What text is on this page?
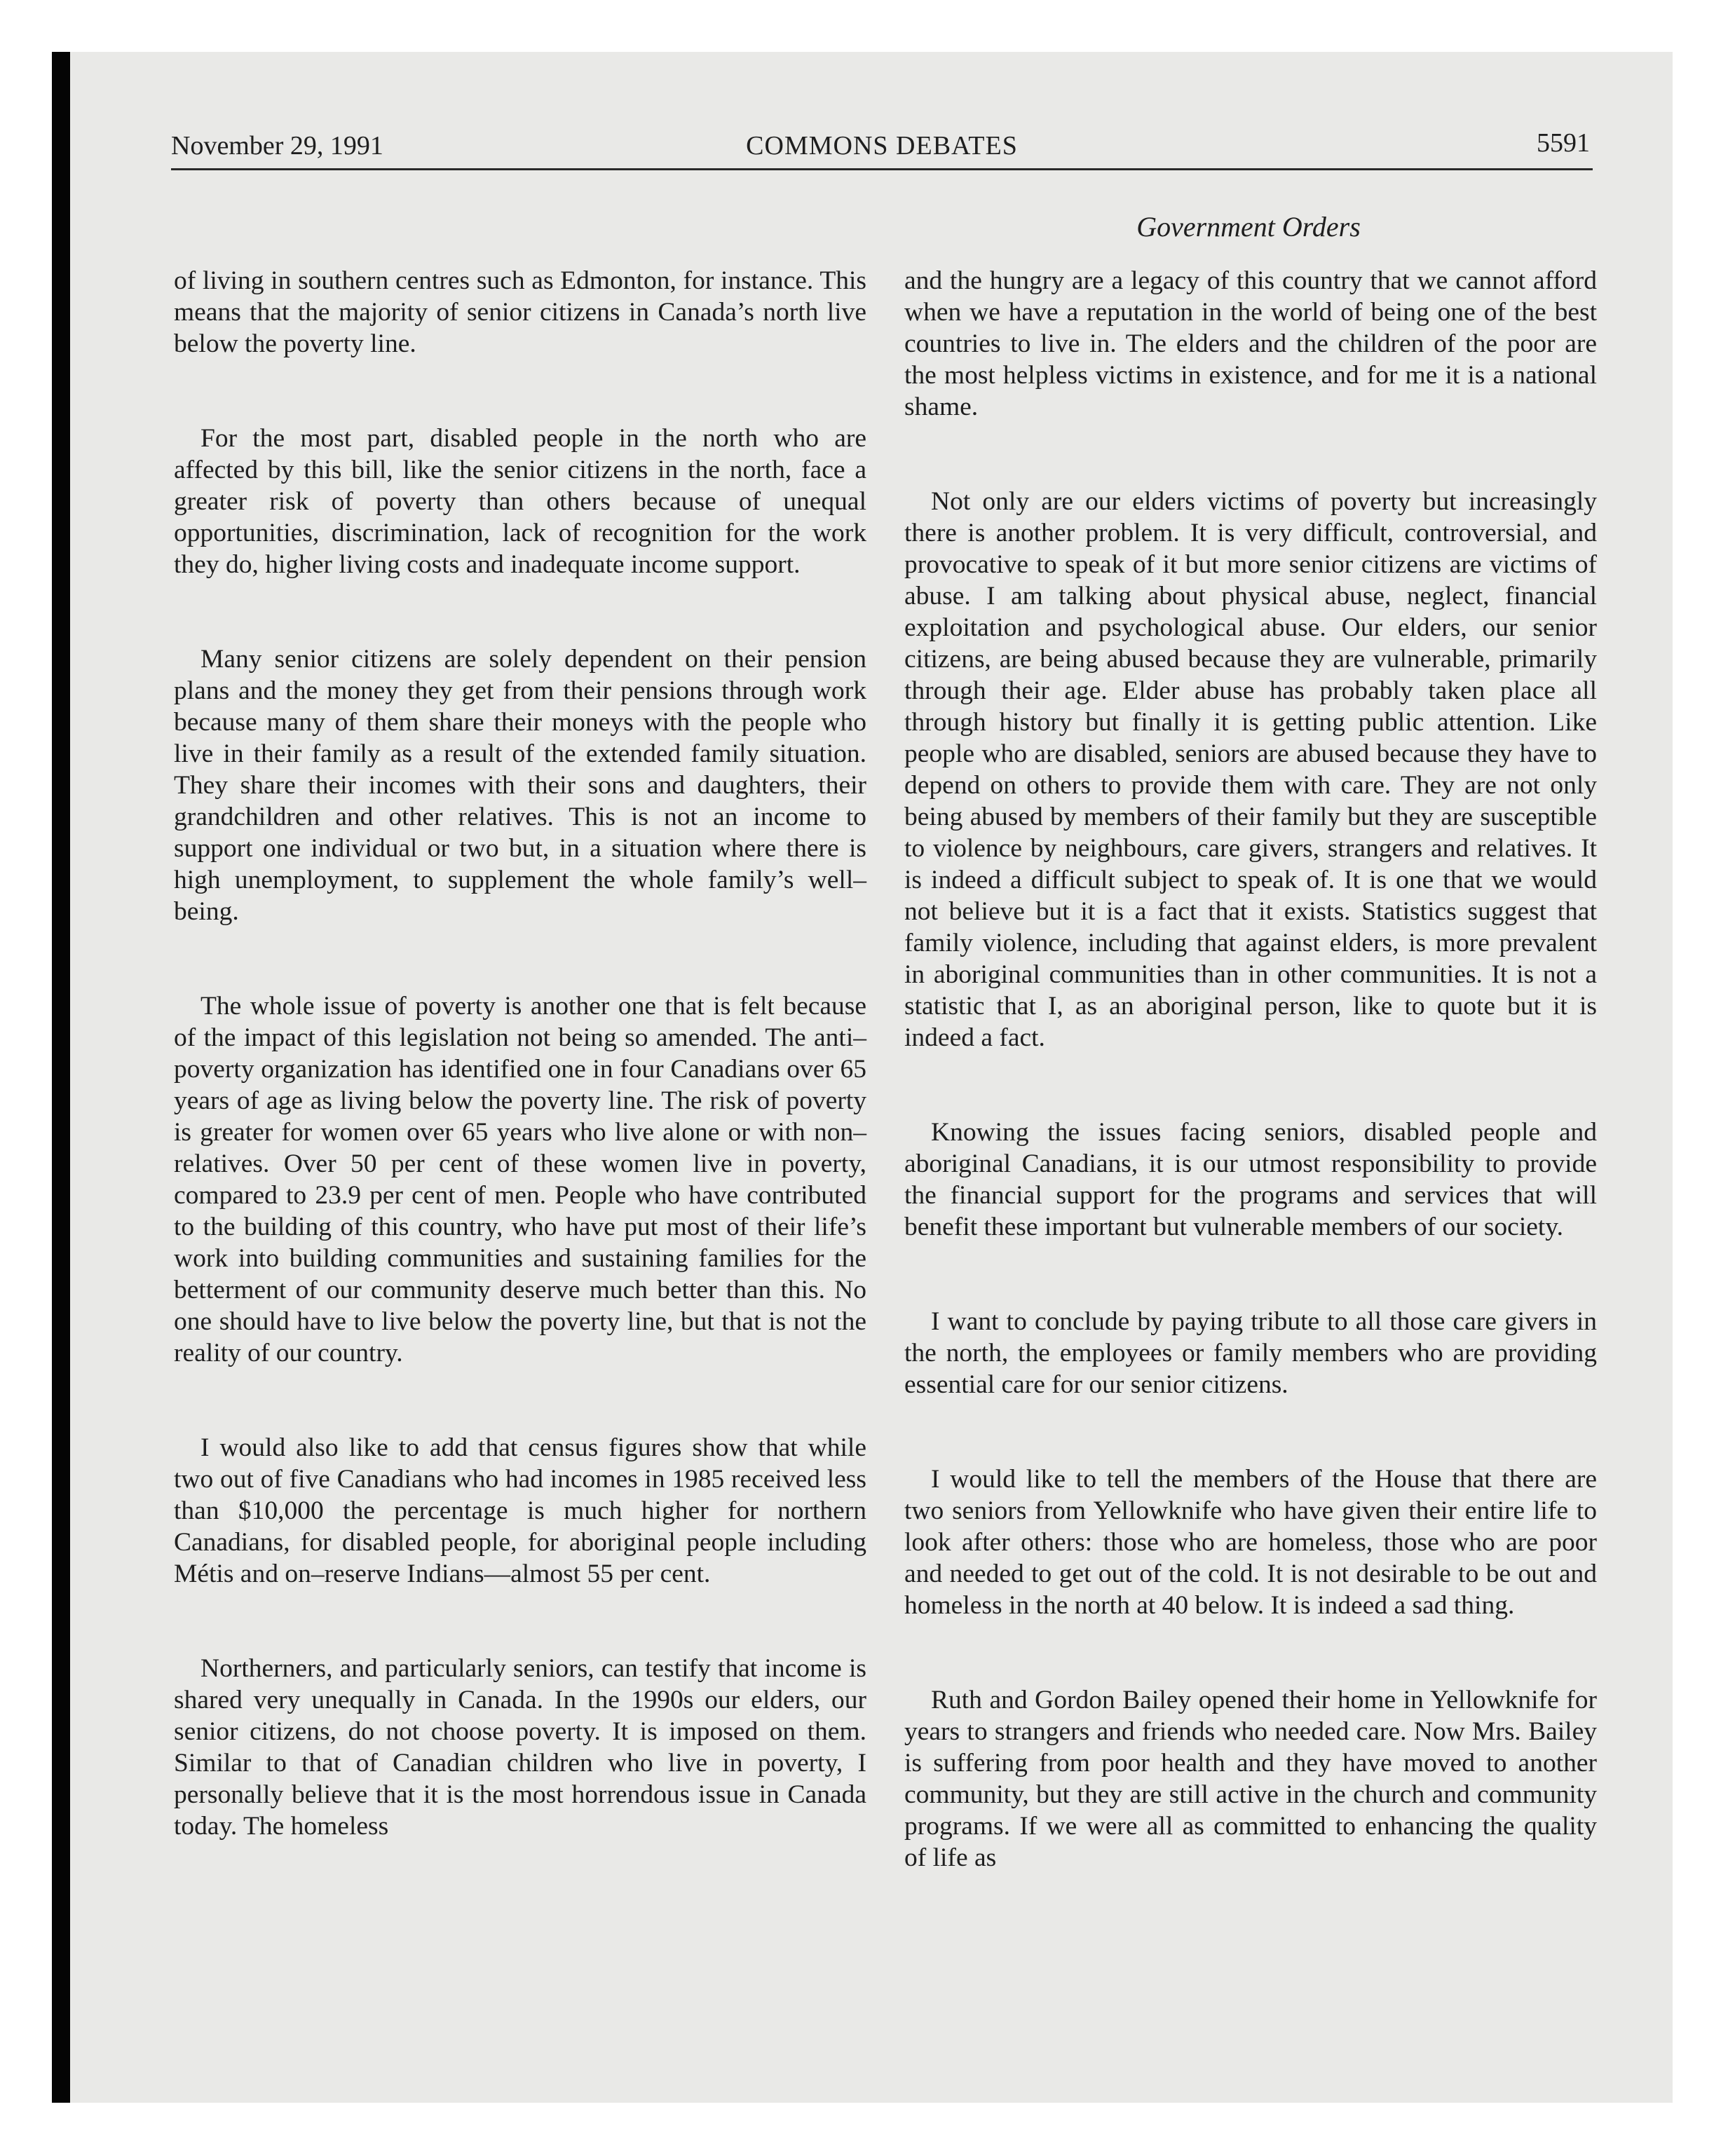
November 29, 1991	COMMONS DEBATES	5591
Government Orders

of living in southern centres such as Edmonton, for instance. This means that the majority of senior citizens in Canada’s north live below the poverty line.

For the most part, disabled people in the north who are affected by this bill, like the senior citizens in the north, face a greater risk of poverty than others because of unequal opportunities, discrimination, lack of recognition for the work they do, higher living costs and inadequate income support.

Many senior citizens are solely dependent on their pension plans and the money they get from their pensions through work because many of them share their moneys with the people who live in their family as a result of the extended family situation. They share their incomes with their sons and daughters, their grandchildren and other relatives. This is not an income to support one individual or two but, in a situation where there is high unemployment, to supplement the whole family’s well–being.

The whole issue of poverty is another one that is felt because of the impact of this legislation not being so amended. The anti–poverty organization has identified one in four Canadians over 65 years of age as living below the poverty line. The risk of poverty is greater for women over 65 years who live alone or with non–relatives. Over 50 per cent of these women live in poverty, compared to 23.9 per cent of men. People who have contributed to the building of this country, who have put most of their life’s work into building communities and sustaining families for the betterment of our community deserve much better than this. No one should have to live below the poverty line, but that is not the reality of our country.

I would also like to add that census figures show that while two out of five Canadians who had incomes in 1985 received less than $10,000 the percentage is much higher for northern Canadians, for disabled people, for aboriginal people including Métis and on–reserve Indians—almost 55 per cent.

Northerners, and particularly seniors, can testify that income is shared very unequally in Canada. In the 1990s our elders, our senior citizens, do not choose poverty. It is imposed on them. Similar to that of Canadian children who live in poverty, I personally believe that it is the most horrendous issue in Canada today. The homeless

and the hungry are a legacy of this country that we cannot afford when we have a reputation in the world of being one of the best countries to live in. The elders and the children of the poor are the most helpless victims in existence, and for me it is a national shame.

Not only are our elders victims of poverty but increasingly there is another problem. It is very difficult, controversial, and provocative to speak of it but more senior citizens are victims of abuse. I am talking about physical abuse, neglect, financial exploitation and psychological abuse. Our elders, our senior citizens, are being abused because they are vulnerable, primarily through their age. Elder abuse has probably taken place all through history but finally it is getting public attention. Like people who are disabled, seniors are abused because they have to depend on others to provide them with care. They are not only being abused by members of their family but they are susceptible to violence by neighbours, care givers, strangers and relatives. It is indeed a difficult subject to speak of. It is one that we would not believe but it is a fact that it exists. Statistics suggest that family violence, including that against elders, is more prevalent in aboriginal communities than in other communities. It is not a statistic that I, as an aboriginal person, like to quote but it is indeed a fact.

Knowing the issues facing seniors, disabled people and aboriginal Canadians, it is our utmost responsibility to provide the financial support for the programs and services that will benefit these important but vulnerable members of our society.

I want to conclude by paying tribute to all those care givers in the north, the employees or family members who are providing essential care for our senior citizens.

I would like to tell the members of the House that there are two seniors from Yellowknife who have given their entire life to look after others: those who are homeless, those who are poor and needed to get out of the cold. It is not desirable to be out and homeless in the north at 40 below. It is indeed a sad thing.

Ruth and Gordon Bailey opened their home in Yellowknife for years to strangers and friends who needed care. Now Mrs. Bailey is suffering from poor health and they have moved to another community, but they are still active in the church and community programs. If we were all as committed to enhancing the quality of life as
